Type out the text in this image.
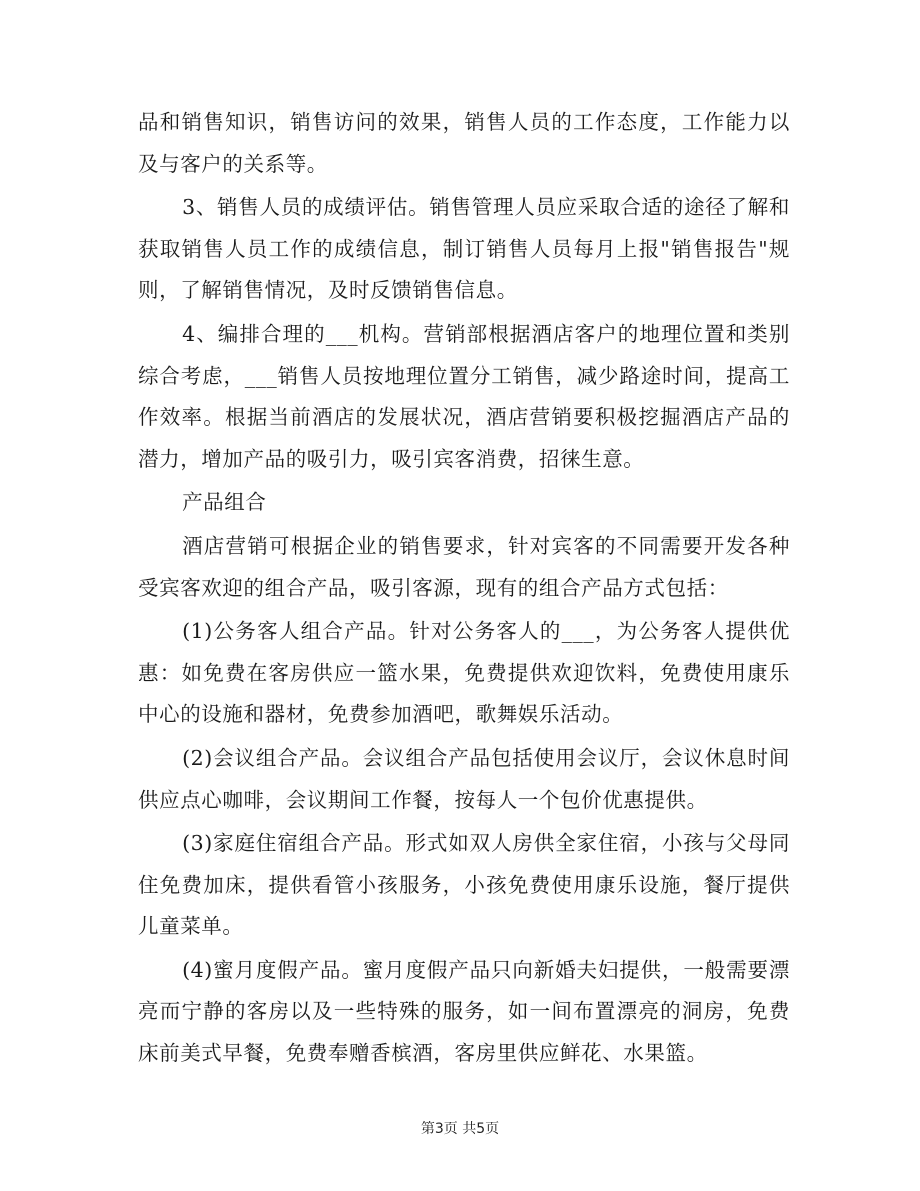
品和销售知识，销售访问的效果，销售人员的工作态度，工作能力以及与客户的关系等。

3、销售人员的成绩评估。销售管理人员应采取合适的途径了解和获取销售人员工作的成绩信息，制订销售人员每月上报"销售报告"规则，了解销售情况，及时反馈销售信息。

4、编排合理的___机构。营销部根据酒店客户的地理位置和类别综合考虑，___销售人员按地理位置分工销售，减少路途时间，提高工作效率。根据当前酒店的发展状况，酒店营销要积极挖掘酒店产品的潜力，增加产品的吸引力，吸引宾客消费，招徕生意。

产品组合

酒店营销可根据企业的销售要求，针对宾客的不同需要开发各种受宾客欢迎的组合产品，吸引客源，现有的组合产品方式包括：

(1)公务客人组合产品。针对公务客人的___，为公务客人提供优惠：如免费在客房供应一篮水果，免费提供欢迎饮料，免费使用康乐中心的设施和器材，免费参加酒吧，歌舞娱乐活动。

(2)会议组合产品。会议组合产品包括使用会议厅，会议休息时间供应点心咖啡，会议期间工作餐，按每人一个包价优惠提供。

(3)家庭住宿组合产品。形式如双人房供全家住宿，小孩与父母同住免费加床，提供看管小孩服务，小孩免费使用康乐设施，餐厅提供儿童菜单。

(4)蜜月度假产品。蜜月度假产品只向新婚夫妇提供，一般需要漂亮而宁静的客房以及一些特殊的服务，如一间布置漂亮的洞房，免费床前美式早餐，免费奉赠香槟酒，客房里供应鲜花、水果篮。

第3页 共5页
